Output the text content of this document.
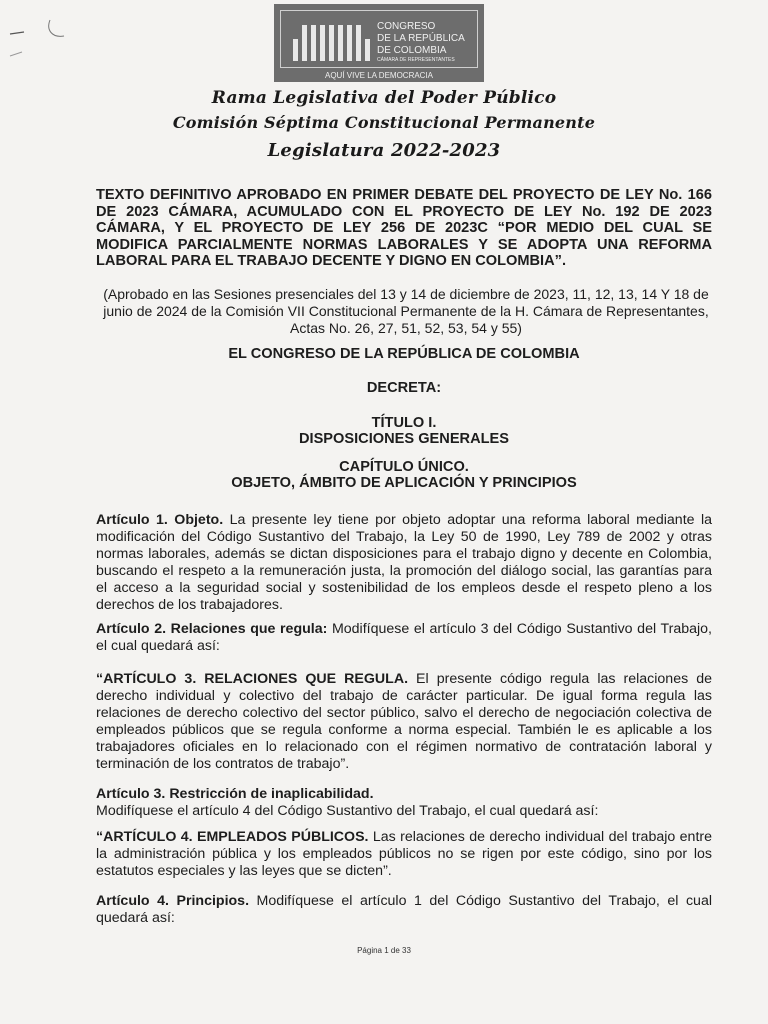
CONGRESO
DE LA REPÚBLICA
DE COLOMBIA
CÁMARA DE REPRESENTANTES
AQUÍ VIVE LA DEMOCRACIA
Rama Legislativa del Poder Público
Comisión Séptima Constitucional Permanente
Legislatura 2022-2023
TEXTO DEFINITIVO APROBADO EN PRIMER DEBATE DEL PROYECTO DE LEY No. 166 DE 2023 CÁMARA, ACUMULADO CON EL PROYECTO DE LEY No. 192 DE 2023 CÁMARA, Y EL PROYECTO DE LEY 256 DE 2023C “POR MEDIO DEL CUAL SE MODIFICA PARCIALMENTE NORMAS LABORALES Y SE ADOPTA UNA REFORMA LABORAL PARA EL TRABAJO DECENTE Y DIGNO EN COLOMBIA”.
(Aprobado en las Sesiones presenciales del 13 y 14 de diciembre de 2023, 11, 12, 13, 14 Y 18 de junio de 2024 de la Comisión VII Constitucional Permanente de la H. Cámara de Representantes, Actas No. 26, 27, 51, 52, 53, 54 y 55)
EL CONGRESO DE LA REPÚBLICA DE COLOMBIA
DECRETA:
TÍTULO I.
DISPOSICIONES GENERALES
CAPÍTULO ÚNICO.
OBJETO, ÁMBITO DE APLICACIÓN Y PRINCIPIOS
Artículo 1. Objeto. La presente ley tiene por objeto adoptar una reforma laboral mediante la modificación del Código Sustantivo del Trabajo, la Ley 50 de 1990, Ley 789 de 2002 y otras normas laborales, además se dictan disposiciones para el trabajo digno y decente en Colombia, buscando el respeto a la remuneración justa, la promoción del diálogo social, las garantías para el acceso a la seguridad social y sostenibilidad de los empleos desde el respeto pleno a los derechos de los trabajadores.
Artículo 2. Relaciones que regula: Modifíquese el artículo 3 del Código Sustantivo del Trabajo, el cual quedará así:
“ARTÍCULO 3. RELACIONES QUE REGULA. El presente código regula las relaciones de derecho individual y colectivo del trabajo de carácter particular. De igual forma regula las relaciones de derecho colectivo del sector público, salvo el derecho de negociación colectiva de empleados públicos que se regula conforme a norma especial. También le es aplicable a los trabajadores oficiales en lo relacionado con el régimen normativo de contratación laboral y terminación de los contratos de trabajo”.
Artículo 3. Restricción de inaplicabilidad.
Modifíquese el artículo 4 del Código Sustantivo del Trabajo, el cual quedará así:
“ARTÍCULO 4. EMPLEADOS PÚBLICOS. Las relaciones de derecho individual del trabajo entre la administración pública y los empleados públicos no se rigen por este código, sino por los estatutos especiales y las leyes que se dicten”.
Artículo 4. Principios. Modifíquese el artículo 1 del Código Sustantivo del Trabajo, el cual quedará así:
Página 1 de 33
